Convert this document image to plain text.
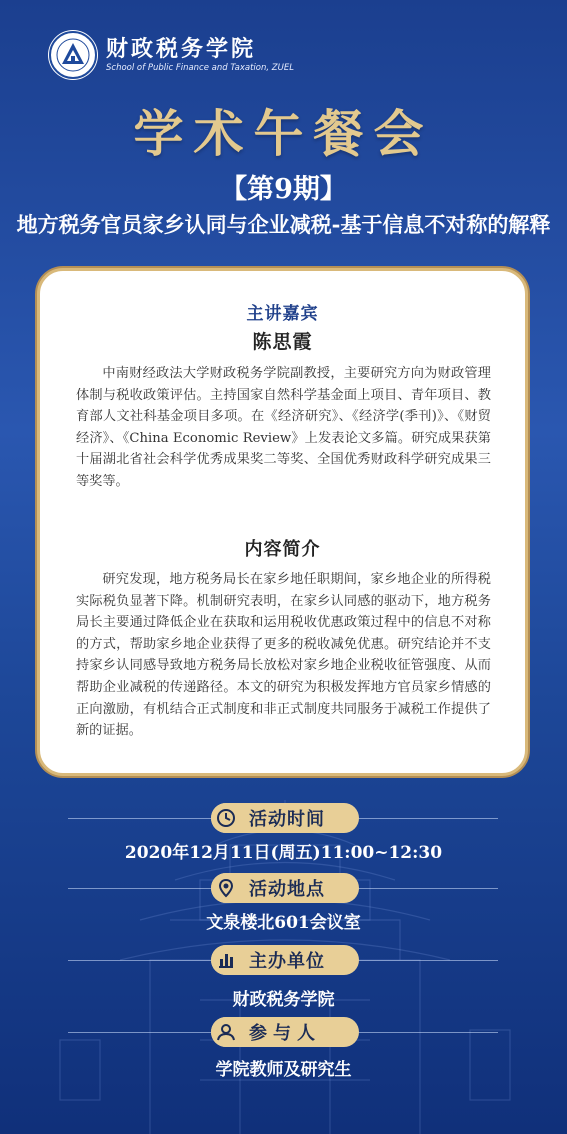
财政税务学院
School of Public Finance and Taxation, ZUEL
学术午餐会
【第9期】
地方税务官员家乡认同与企业减税-基于信息不对称的解释
主讲嘉宾
陈思霞
中南财经政法大学财政税务学院副教授，主要研究方向为财政管理体制与税收政策评估。主持国家自然科学基金面上项目、青年项目、教育部人文社科基金项目多项。在《经济研究》、《经济学(季刊)》、《财贸经济》、《China Economic Review》上发表论文多篇。研究成果获第十届湖北省社会科学优秀成果奖二等奖、全国优秀财政科学研究成果三等奖等。
内容简介
研究发现，地方税务局长在家乡地任职期间，家乡地企业的所得税实际税负显著下降。机制研究表明，在家乡认同感的驱动下，地方税务局长主要通过降低企业在获取和运用税收优惠政策过程中的信息不对称的方式，帮助家乡地企业获得了更多的税收减免优惠。研究结论并不支持家乡认同感导致地方税务局长放松对家乡地企业税收征管强度、从而帮助企业减税的传递路径。本文的研究为积极发挥地方官员家乡情感的正向激励，有机结合正式制度和非正式制度共同服务于减税工作提供了新的证据。
活动时间
2020年12月11日(周五)11:00~12:30
活动地点
文泉楼北601会议室
主办单位
财政税务学院
参与人
学院教师及研究生
